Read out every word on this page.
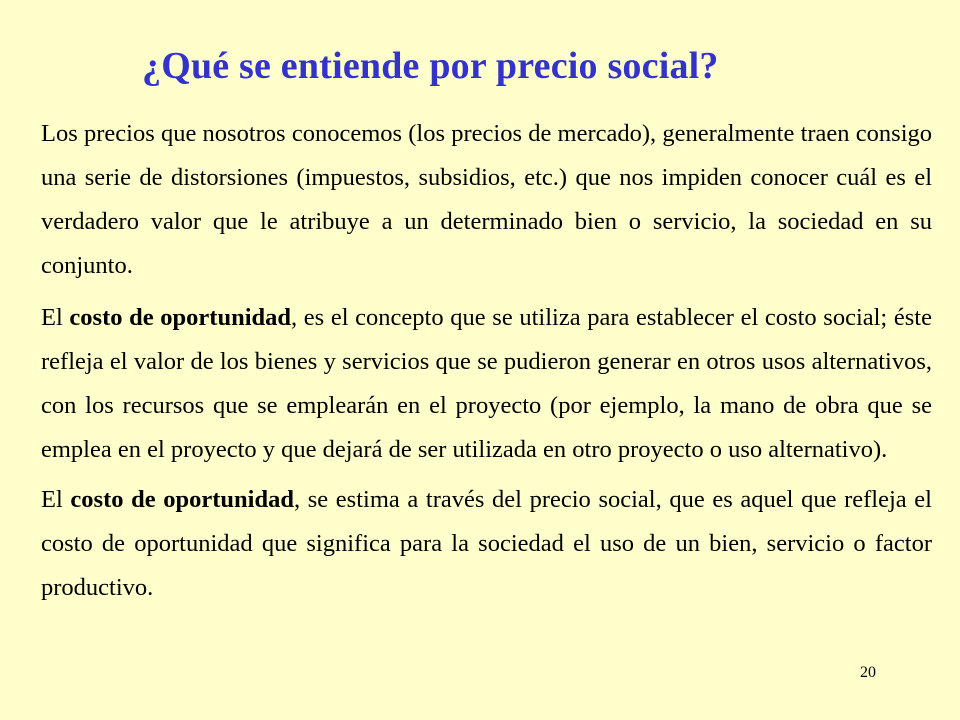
¿Qué se entiende por precio social?

Los precios que nosotros conocemos (los precios de mercado), generalmente traen consigo una serie de distorsiones (impuestos, subsidios, etc.) que nos impiden conocer cuál es el verdadero valor que le atribuye a un determinado bien o servicio, la sociedad en su conjunto.

El costo de oportunidad, es el concepto que se utiliza para establecer el costo social; éste refleja el valor de los bienes y servicios que se pudieron generar en otros usos alternativos, con los recursos que se emplearán en el proyecto (por ejemplo, la mano de obra que se emplea en el proyecto y que dejará de ser utilizada en otro proyecto o uso alternativo).

El costo de oportunidad, se estima a través del precio social, que es aquel que refleja el costo de oportunidad que significa para la sociedad el uso de un bien, servicio o factor productivo.

20
